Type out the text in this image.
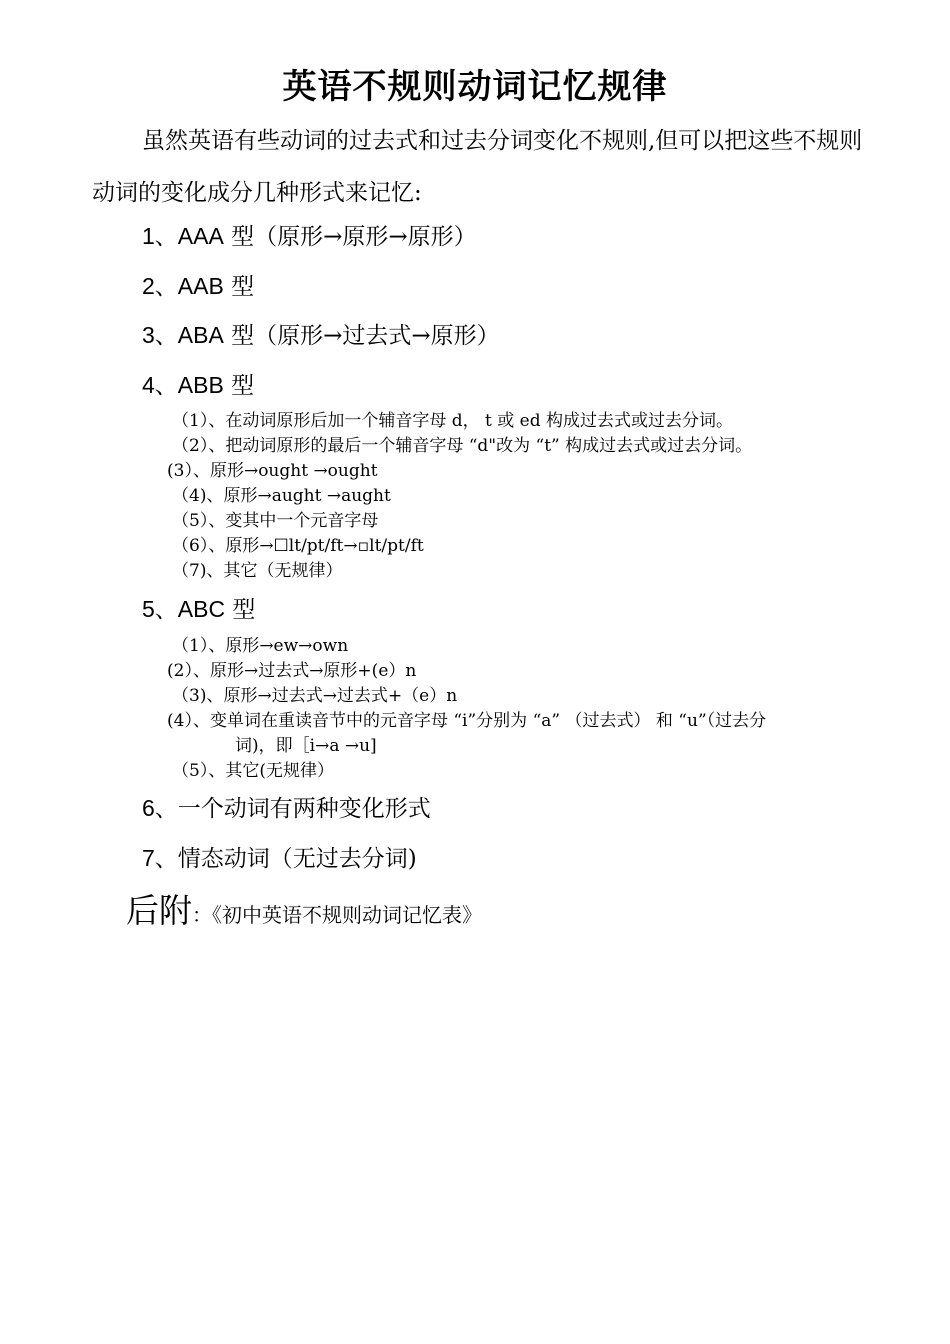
英语不规则动词记忆规律

虽然英语有些动词的过去式和过去分词变化不规则,但可以把这些不规则动词的变化成分几种形式来记忆:

1、AAA 型（原形→原形→原形）

2、AAB 型

3、ABA 型（原形→过去式→原形）

4、ABB 型

（1）、在动词原形后加一个辅音字母 d， t 或 ed 构成过去式或过去分词。

（2）、把动词原形的最后一个辅音字母 “d"改为 “t” 构成过去式或过去分词。

(3）、原形→ought →ought

（4)、原形→aught →aught

（5）、变其中一个元音字母

（6）、原形→☐lt/pt/ft→▫lt/pt/ft

（7)、其它（无规律）

5、ABC 型

（1）、原形→ew→own

(2）、原形→过去式→原形+(e）n

（3)、原形→过去式→过去式+（e）n

(4）、变单词在重读音节中的元音字母 “i”分别为 “a” （过去式） 和 “u”（过去分

词)，即［i→a →u]

（5）、其它(无规律）

6、一个动词有两种变化形式

7、情态动词（无过去分词)

后附：《初中英语不规则动词记忆表》
